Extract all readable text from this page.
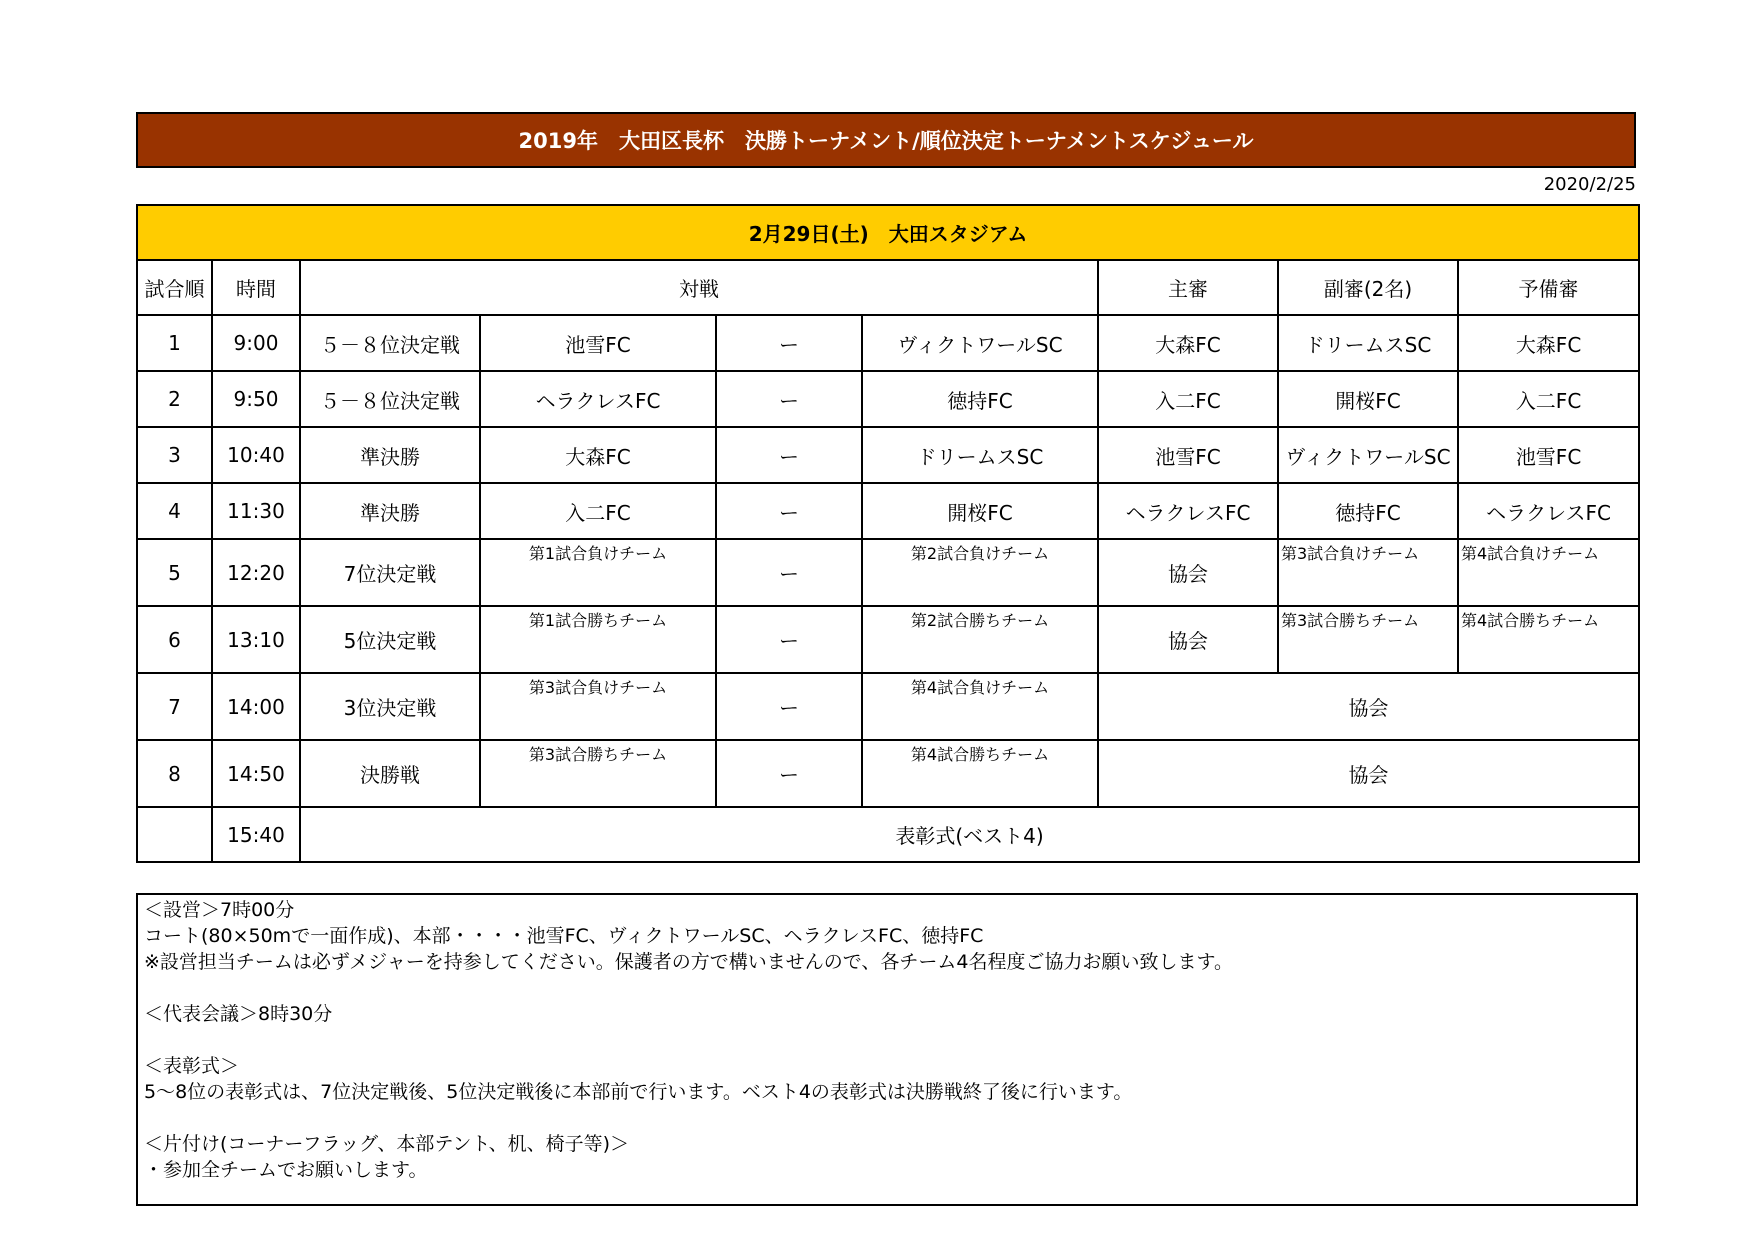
2019年　大田区長杯　決勝トーナメント/順位決定トーナメントスケジュール
2020/2/25
2月29日(土)　大田スタジアム								
試合順	時間	対戦				主審	副審(2名)	予備審
1	9:00	５－８位決定戦	池雪FC	ー	ヴィクトワールSC	大森FC	ドリームスSC	大森FC
2	9:50	５－８位決定戦	ヘラクレスFC	ー	徳持FC	入二FC	開桜FC	入二FC
3	10:40	準決勝	大森FC	ー	ドリームスSC	池雪FC	ヴィクトワールSC	池雪FC
4	11:30	準決勝	入二FC	ー	開桜FC	ヘラクレスFC	徳持FC	ヘラクレスFC
5	12:20	7位決定戦	第1試合負けチーム	ー	第2試合負けチーム	協会	第3試合負けチーム	第4試合負けチーム

6	13:10	5位決定戦	第1試合勝ちチーム	ー	第2試合勝ちチーム	協会	第3試合勝ちチーム	第4試合勝ちチーム

7	14:00	3位決定戦	第3試合負けチーム	ー	第4試合負けチーム	協会		
8	14:50	決勝戦	第3試合勝ちチーム	ー	第4試合勝ちチーム	協会		
	15:40	表彰式(ベスト4)						

＜設営＞7時00分

コート(80×50mで一面作成)、本部・・・・池雪FC、ヴィクトワールSC、ヘラクレスFC、徳持FC

※設営担当チームは必ずメジャーを持参してください。保護者の方で構いませんので、各チーム4名程度ご協力お願い致します。

＜代表会議＞8時30分

＜表彰式＞

5～8位の表彰式は、7位決定戦後、5位決定戦後に本部前で行います。ベスト4の表彰式は決勝戦終了後に行います。

＜片付け(コーナーフラッグ、本部テント、机、椅子等)＞

・参加全チームでお願いします。
